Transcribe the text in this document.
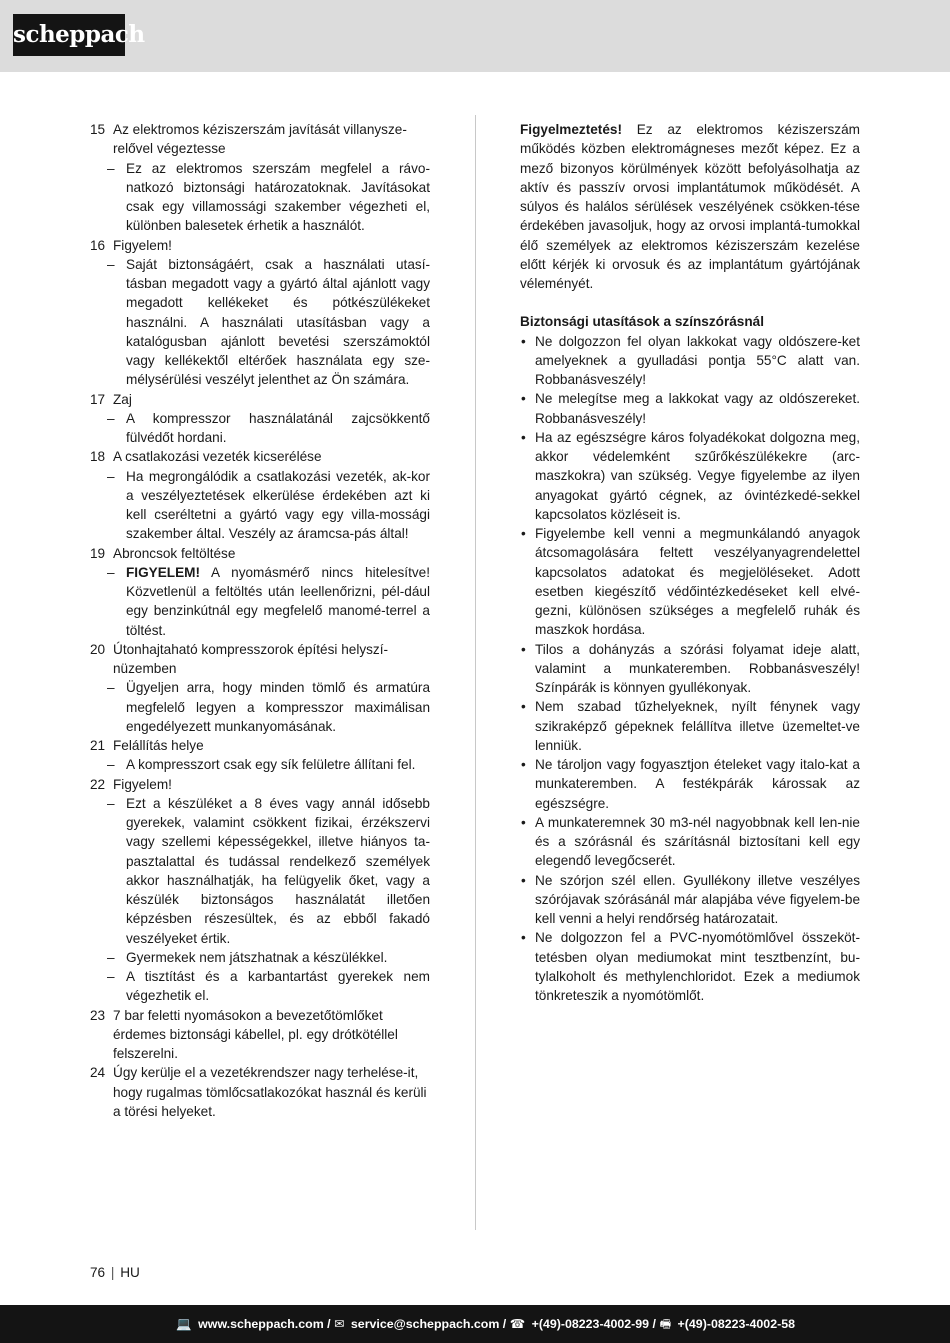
scheppach
15 Az elektromos kéziszerszám javítását villanysze-relővel végeztesse
– Ez az elektromos szerszám megfelel a rávo-natkozó biztonsági határozatoknak. Javításokat csak egy villamossági szakember végezheti el, különben balesetek érhetik a használót.
16 Figyelem!
– Saját biztonságáért, csak a használati utasí-tásban megadott vagy a gyártó által ajánlott vagy megadott kellékeket és pótkészülékeket használni. A használati utasításban vagy a katalógusban ajánlott bevetési szerszámoktól vagy kellékektől eltérőek használata egy sze-mélysérülési veszélyt jelenthet az Ön számára.
17 Zaj
– A kompresszor használatánál zajcsökkentő fülvédőt hordani.
18 A csatlakozási vezeték kicserélése
– Ha megrongálódik a csatlakozási vezeték, ak-kor a veszélyeztetések elkerülése érdekében azt ki kell cseréltetni a gyártó vagy egy villa-mossági szakember által. Veszély az áramcsa-pás által!
19 Abroncsok feltöltése
– FIGYELEM! A nyomásmérő nincs hitelesítve! Közvetlenül a feltöltés után leellenőrizni, pél-dául egy benzinkútnál egy megfelelő manomé-terrel a töltést.
20 Útonhajtaható kompresszorok építési helyszí-nüzemben
– Ügyeljen arra, hogy minden tömlő és armatúra megfelelő legyen a kompresszor maximálisan engedélyezett munkanyomásának.
21 Felállítás helye
– A kompresszort csak egy sík felületre állítani fel.
22 Figyelem!
– Ezt a készüléket a 8 éves vagy annál idősebb gyerekek, valamint csökkent fizikai, érzékszervi vagy szellemi képességekkel, illetve hiányos ta-pasztalattal és tudással rendelkező személyek akkor használhatják, ha felügyelik őket, vagy a készülék biztonságos használatát illetően képzésben részesültek, és az ebből fakadó veszélyeket értik.
– Gyermekek nem játszhatnak a készülékkel.
– A tisztítást és a karbantartást gyerekek nem végezhetik el.
23 7 bar feletti nyomásokon a bevezetőtömlőket érdemes biztonsági kábellel, pl. egy drótkötéllel felszerelni.
24 Úgy kerülje el a vezetékrendszer nagy terhelése-it, hogy rugalmas tömlőcsatlakozókat használ és kerüli a törési helyeket.
Figyelmeztetés! Ez az elektromos kéziszerszám működés közben elektromágneses mezőt képez. Ez a mező bizonyos körülmények között befolyásolhatja az aktív és passzív orvosi implantátumok működését. A súlyos és halálos sérülések veszélyének csökken-tése érdekében javasoljuk, hogy az orvosi implantá-tumokkal élő személyek az elektromos kéziszerszám kezelése előtt kérjék ki orvosuk és az implantátum gyártójának véleményét.
Biztonsági utasítások a színszórásnál
• Ne dolgozzon fel olyan lakkokat vagy oldószere-ket amelyeknek a gyulladási pontja 55°C alatt van. Robbanásveszély!
• Ne melegítse meg a lakkokat vagy az oldószereket. Robbanásveszély!
• Ha az egészségre káros folyadékokat dolgozna meg, akkor védelemként szűrőkészülékekre (arc-maszkokra) van szükség. Vegye figyelembe az ilyen anyagokat gyártó cégnek, az óvintézkedé-sekkel kapcsolatos közléseit is.
• Figyelembe kell venni a megmunkálandó anyagok átcsomagolására feltett veszélyanyagrendelettel kapcsolatos adatokat és megjelöléseket. Adott esetben kiegészítő védőintézkedéseket kell elvé-gezni, különösen szükséges a megfelelő ruhák és maszkok hordása.
• Tilos a dohányzás a szórási folyamat ideje alatt, valamint a munkateremben. Robbanásveszély! Színpárák is könnyen gyullékonyak.
• Nem szabad tűzhelyeknek, nyílt fénynek vagy szikraképző gépeknek felállítva illetve üzemeltet-ve lenniük.
• Ne tároljon vagy fogyasztjon ételeket vagy italo-kat a munkateremben. A festékpárák károssak az egészségre.
• A munkateremnek 30 m3-nél nagyobbnak kell len-nie és a szórásnál és szárításnál biztosítani kell egy elegendő levegőcserét.
• Ne szórjon szél ellen. Gyullékony illetve veszélyes szórójavak szórásánál már alapjába véve figyelem-be kell venni a helyi rendőrség határozatait.
• Ne dolgozzon fel a PVC-nyomótömlővel összeköt-tetésben olyan mediumokat mint tesztbenzínt, bu-tylalkoholt és methylenchloridot. Ezek a mediumok tönkreteszik a nyomótömlőt.
76 | HU
💻 www.scheppach.com / ✉ service@scheppach.com / ☎ +(49)-08223-4002-99 / 🖷 +(49)-08223-4002-58
